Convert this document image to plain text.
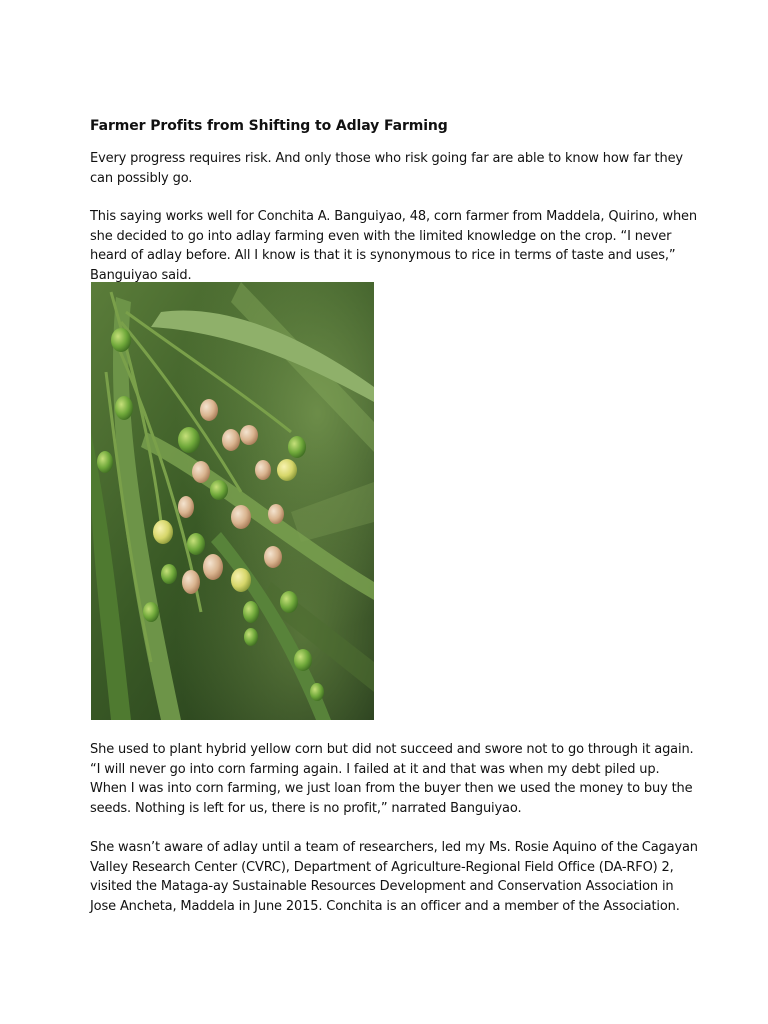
Farmer Profits from Shifting to Adlay Farming

Every progress requires risk. And only those who risk going far are able to know how far they
can possibly go.

This saying works well for Conchita A. Banguiyao, 48, corn farmer from Maddela, Quirino, when
she decided to go into adlay farming even with the limited knowledge on the crop. “I never
heard of adlay before. All I know is that it is synonymous to rice in terms of taste and uses,”
Banguiyao said.

She used to plant hybrid yellow corn but did not succeed and swore not to go through it again.
“I will never go into corn farming again. I failed at it and that was when my debt piled up.
When I was into corn farming, we just loan from the buyer then we used the money to buy the
seeds. Nothing is left for us, there is no profit,” narrated Banguiyao.

She wasn’t aware of adlay until a team of researchers, led my Ms. Rosie Aquino of the Cagayan
Valley Research Center (CVRC), Department of Agriculture-Regional Field Office (DA-RFO) 2,
visited the Mataga-ay Sustainable Resources Development and Conservation Association in
Jose Ancheta, Maddela in June 2015. Conchita is an officer and a member of the Association.
